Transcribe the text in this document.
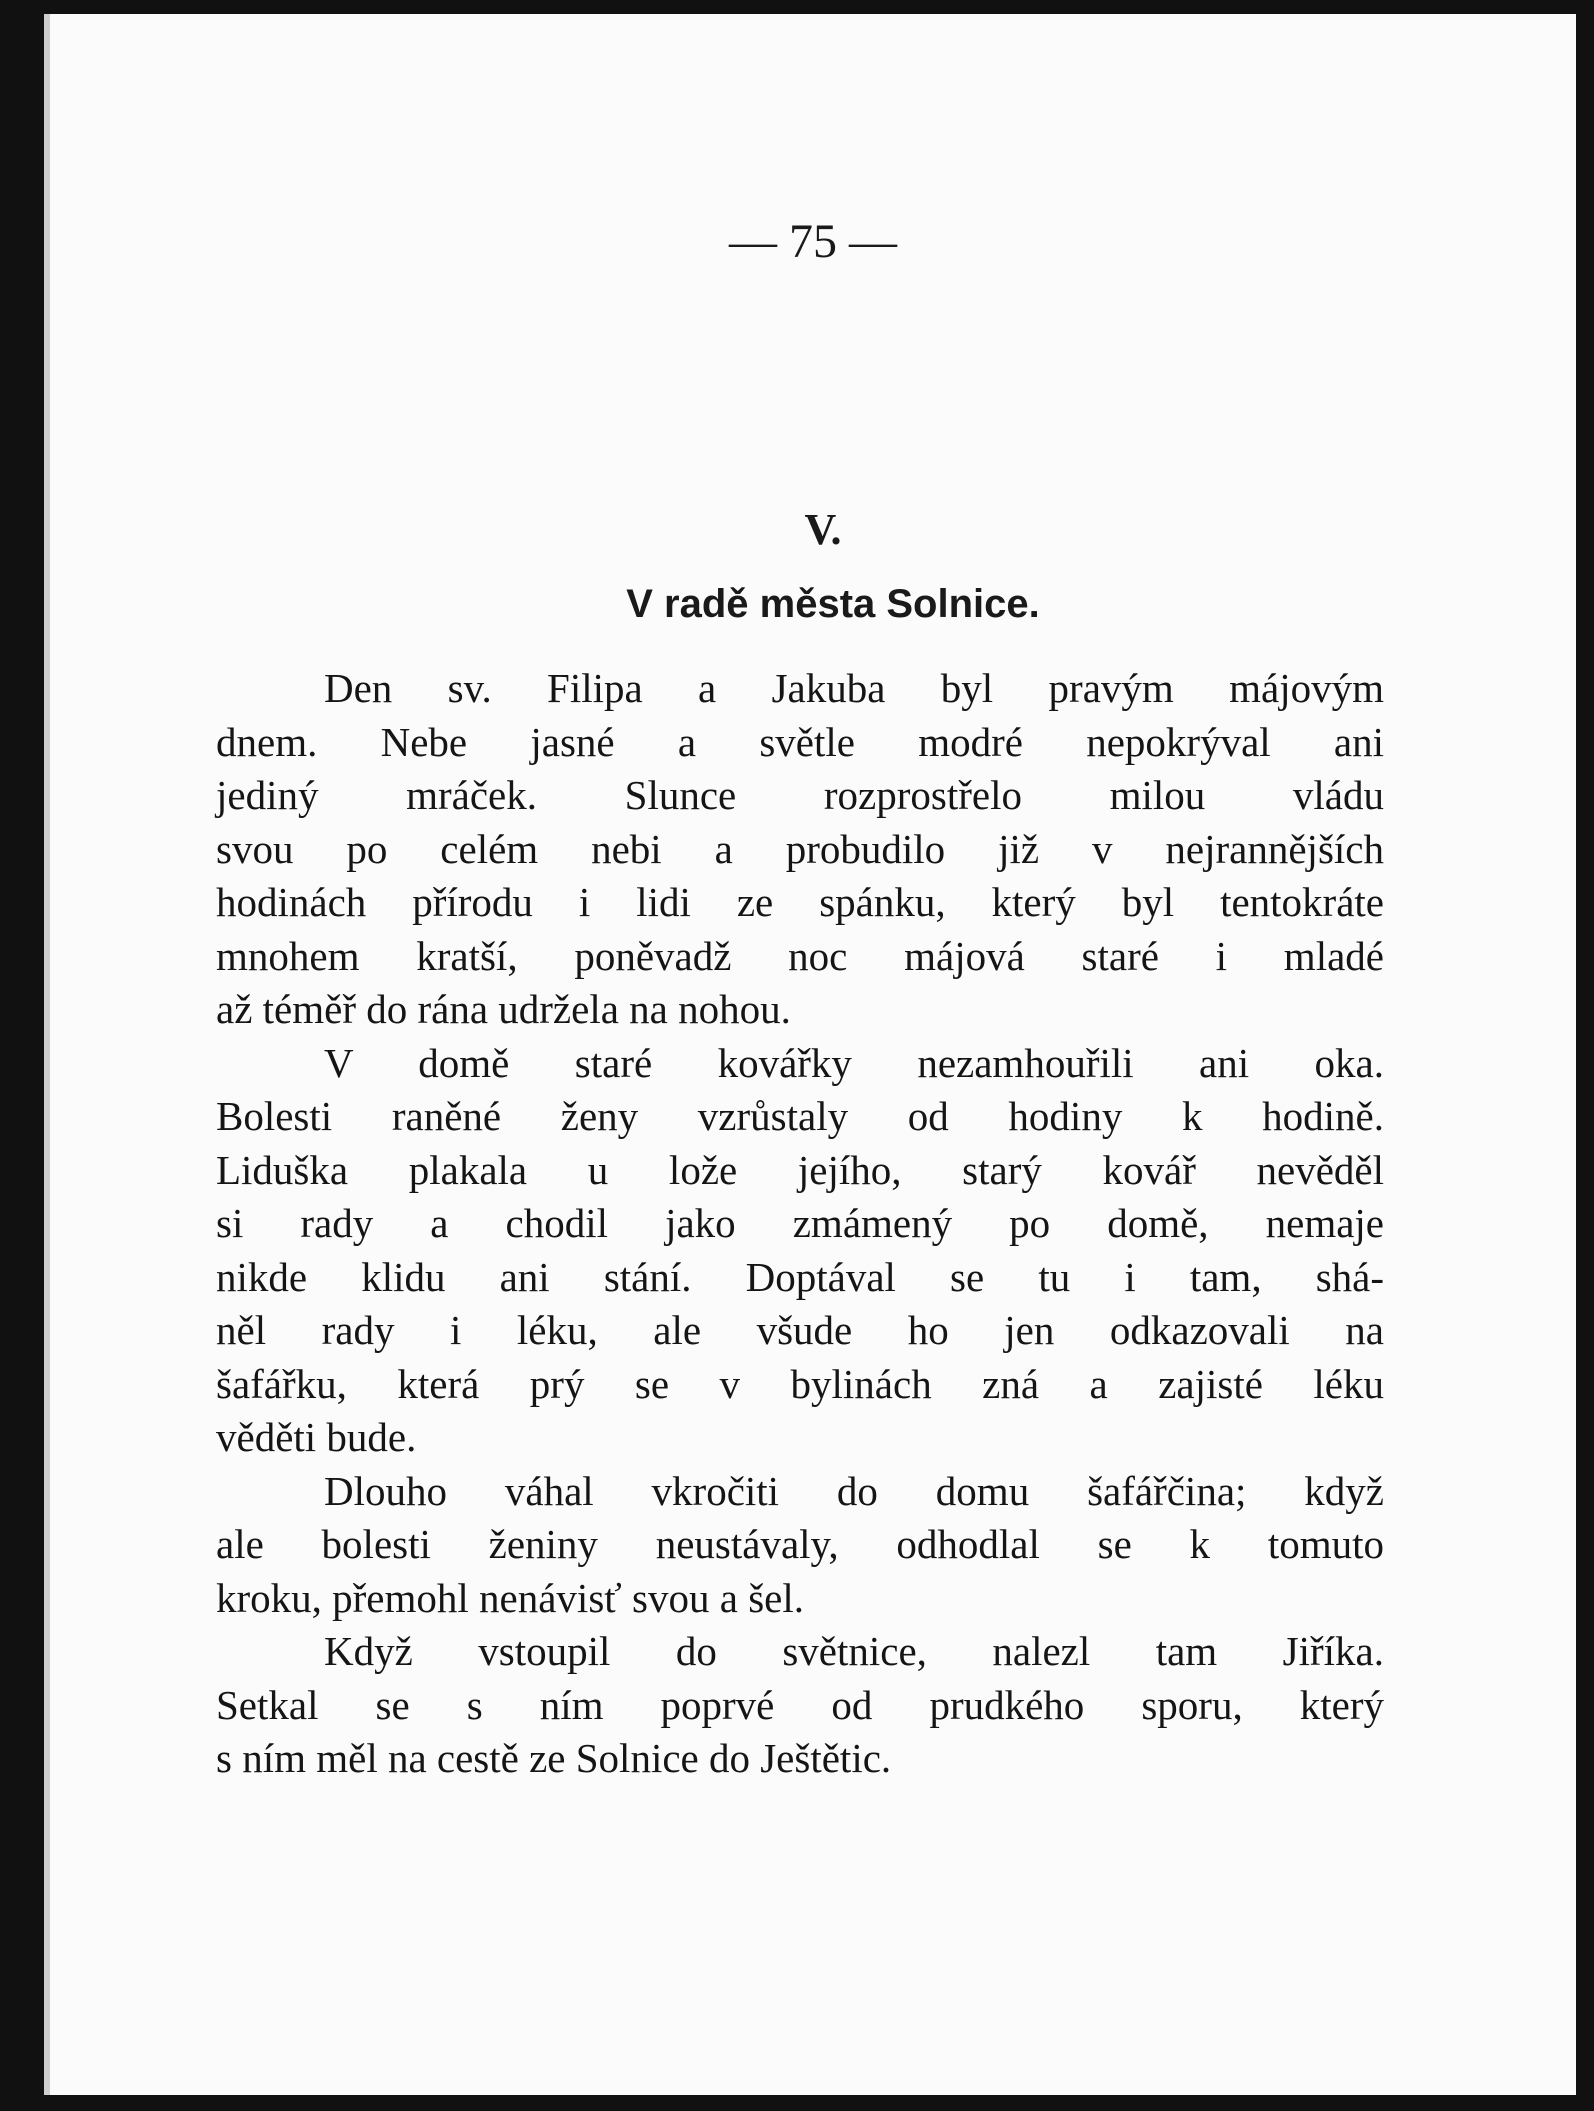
— 75 —
V.
V radě města Solnice.
Den sv. Filipa a Jakuba byl pravým májovým
dnem. Nebe jasné a světle modré nepokrýval ani
jediný mráček. Slunce rozprostřelo milou vládu
svou po celém nebi a probudilo již v nejrannějších
hodinách přírodu i lidi ze spánku, který byl tentokráte
mnohem kratší, poněvadž noc májová staré i mladé
až téměř do rána udržela na nohou.
V domě staré kovářky nezamhouřili ani oka.
Bolesti raněné ženy vzrůstaly od hodiny k hodině.
Liduška plakala u lože jejího, starý kovář nevěděl
si rady a chodil jako zmámený po domě, nemaje
nikde klidu ani stání. Doptával se tu i tam, shá-
něl rady i léku, ale všude ho jen odkazovali na
šafářku, která prý se v bylinách zná a zajisté léku
věděti bude.
Dlouho váhal vkročiti do domu šafářčina; když
ale bolesti ženiny neustávaly, odhodlal se k tomuto
kroku, přemohl nenávisť svou a šel.
Když vstoupil do světnice, nalezl tam Jiříka.
Setkal se s ním poprvé od prudkého sporu, který
s ním měl na cestě ze Solnice do Ještětic.
